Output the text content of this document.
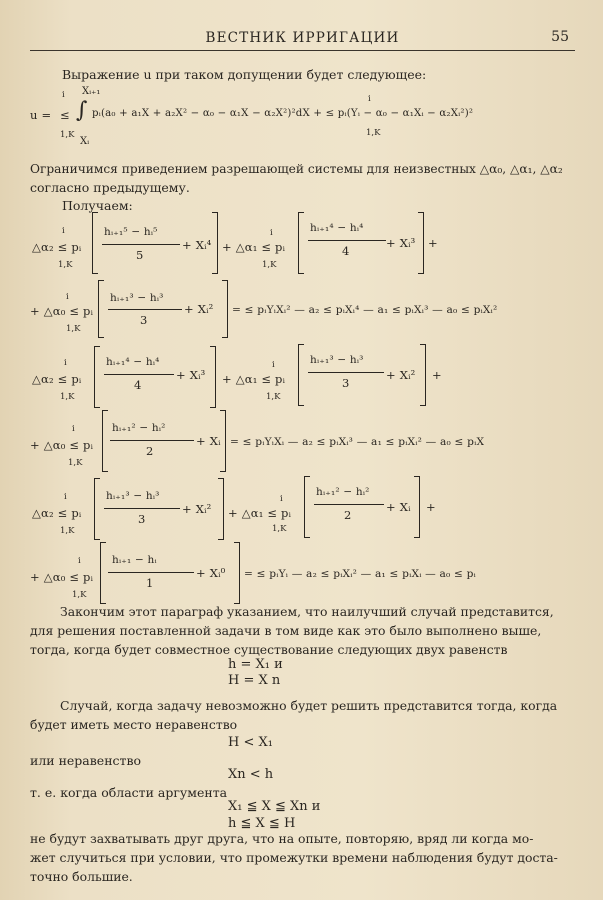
ВЕСТНИК ИРРИГАЦИИ	55
Выражение u при таком допущении будет следующее:
i Xᵢ₊₁
u = ≤ ∫ pᵢ(a₀ + a₁X + a₂X² − α₀ − α₁X − α₂X²)²dX + ≤ pᵢ(Yᵢ − α₀ − α₁Xᵢ − α₂Xᵢ²)²
1,K
Xᵢ
i
1,K
Ограничимся приведением разрешающей системы для неизвестных △α₀, △α₁, △α₂
согласно предыдущему.
Получаем:
i
△α₂ ≤ pᵢ
1,K
hᵢ₊₁⁵ − hᵢ⁵
5
+ Xᵢ⁴ + △α₁ ≤ pᵢ
i
1,K
hᵢ₊₁⁴ − hᵢ⁴
4
+ Xᵢ³ +
i
+ △α₀ ≤ pᵢ
1,K
hᵢ₊₁³ − hᵢ³
3
+ Xᵢ² = ≤ pᵢYᵢXᵢ² — a₂ ≤ pᵢXᵢ⁴ — a₁ ≤ pᵢXᵢ³ — a₀ ≤ pᵢXᵢ²
i
△α₂ ≤ pᵢ
1,K
hᵢ₊₁⁴ − hᵢ⁴
4
+ Xᵢ³ + △α₁ ≤ pᵢ
i
1,K
hᵢ₊₁³ − hᵢ³
3
+ Xᵢ² +
i
+ △α₀ ≤ pᵢ
1,K
hᵢ₊₁² − hᵢ²
2
+ Xᵢ = ≤ pᵢYᵢXᵢ — a₂ ≤ pᵢXᵢ³ — a₁ ≤ pᵢXᵢ² — a₀ ≤ pᵢX
i
△α₂ ≤ pᵢ
1,K
hᵢ₊₁³ − hᵢ³
3
+ Xᵢ² + △α₁ ≤ pᵢ
i
1,K
hᵢ₊₁² − hᵢ²
2
+ Xᵢ +
i
+ △α₀ ≤ pᵢ
1,K
hᵢ₊₁ − hᵢ
1
+ Xᵢ⁰ = ≤ pᵢYᵢ — a₂ ≤ pᵢXᵢ² — a₁ ≤ pᵢXᵢ — a₀ ≤ pᵢ
Закончим этот параграф указанием, что наилучший случай представится,
для решения поставленной задачи в том виде как это было выполнено выше,
тогда, когда будет совместное существование следующих двух равенств
h = X₁ и
H = X n
Случай, когда задачу невозможно будет решить представится тогда, когда
будет иметь место неравенство
H < X₁
или неравенство
Xn < h
т. е. когда области аргумента
X₁ ≦ X ≦ Xn и
h ≦ X ≦ H
не будут захватывать друг друга, что на опыте, повторяю, вряд ли когда мо-
жет случиться при условии, что промежутки времени наблюдения будут доста-
точно большие.
